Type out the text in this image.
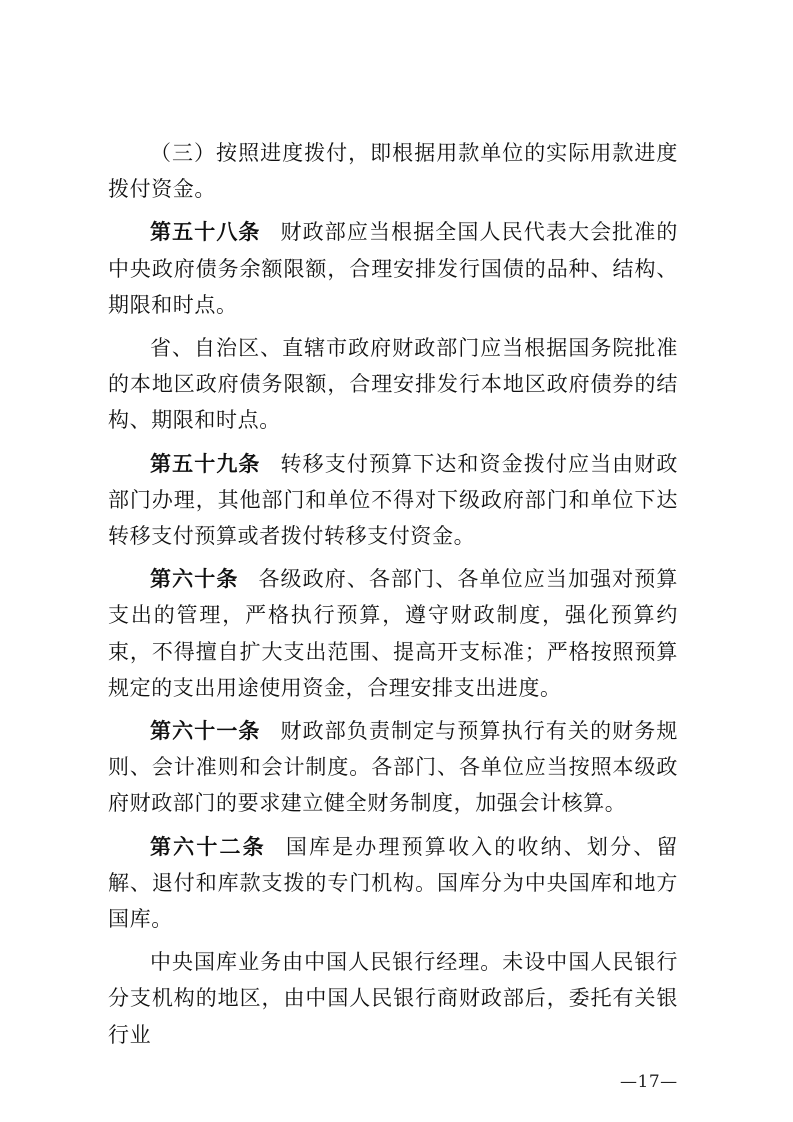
（三）按照进度拨付，即根据用款单位的实际用款进度拨付资金。

第五十八条 财政部应当根据全国人民代表大会批准的中央政府债务余额限额，合理安排发行国债的品种、结构、期限和时点。

省、自治区、直辖市政府财政部门应当根据国务院批准的本地区政府债务限额，合理安排发行本地区政府债券的结构、期限和时点。

第五十九条 转移支付预算下达和资金拨付应当由财政部门办理，其他部门和单位不得对下级政府部门和单位下达转移支付预算或者拨付转移支付资金。

第六十条 各级政府、各部门、各单位应当加强对预算支出的管理，严格执行预算，遵守财政制度，强化预算约束，不得擅自扩大支出范围、提高开支标准；严格按照预算规定的支出用途使用资金，合理安排支出进度。

第六十一条 财政部负责制定与预算执行有关的财务规则、会计准则和会计制度。各部门、各单位应当按照本级政府财政部门的要求建立健全财务制度，加强会计核算。

第六十二条 国库是办理预算收入的收纳、划分、留解、退付和库款支拨的专门机构。国库分为中央国库和地方国库。

中央国库业务由中国人民银行经理。未设中国人民银行分支机构的地区，由中国人民银行商财政部后，委托有关银行业

—17—
